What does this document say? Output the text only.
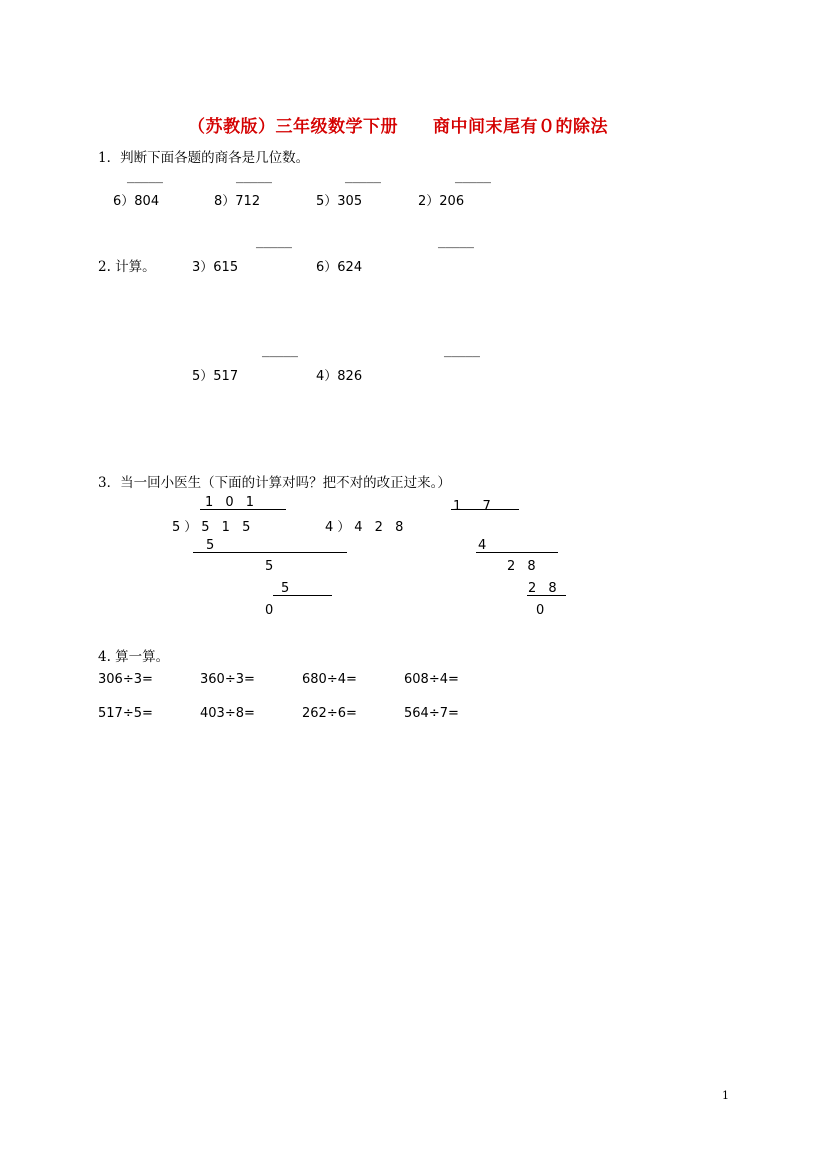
（苏教版）三年级数学下册　　商中间末尾有０的除法
1．判断下面各题的商各是几位数。
_____	_____	_____	_____
6）804	8）712	5）305	2）206
_____	_____
2. 计算。	3）615	6）624
_____	_____
5）517	4）826
3．当一回小医生（下面的计算对吗？把不对的改正过来。）
1 0 1
5）5 1 5
5
5
5
0
1　  7
4）4 2 8
4
2 8
2 8
0
4. 算一算。
306÷3=	360÷3=	680÷4=	608÷4=
517÷5=	403÷8=	262÷6=	564÷7=
1
